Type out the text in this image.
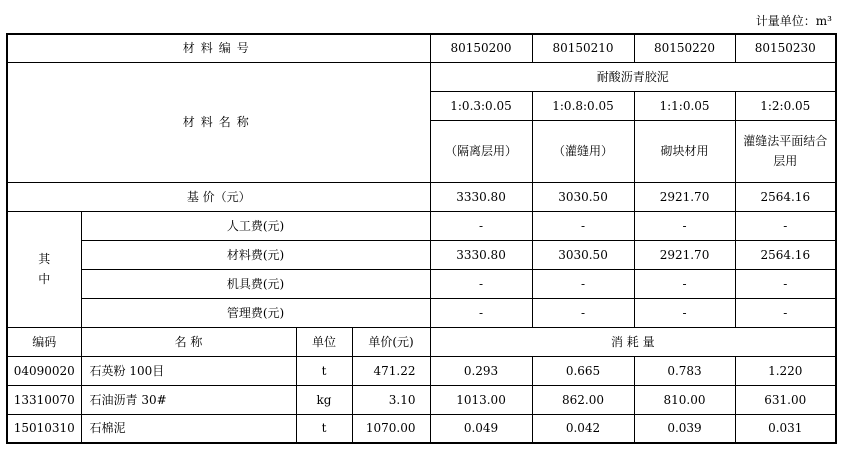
计量单位：m³
材料编号				80150200	80150210	80150220	80150230
材料名称				耐酸沥青胶泥			
				1:0.3:0.05	1:0.8:0.05	1:1:0.05	1:2:0.05
				（隔离层用）	（灌缝用）	砌块材用	灌缝法平面结合层用
基 价（元）				3330.80	3030.50	2921.70	2564.16

其
中	人工费(元)			-	-	-	-
	材料费(元)			3330.80	3030.50	2921.70	2564.16
	机具费(元)			-	-	-	-
	管理费(元)			-	-	-	-
编码	名 称	单位	单价(元)	消 耗 量			
04090020	石英粉 100目	t	471.22	0.293	0.665	0.783	1.220
13310070	石油沥青 30#	kg	3.10	1013.00	862.00	810.00	631.00
15010310	石棉泥	t	1070.00	0.049	0.042	0.039	0.031
